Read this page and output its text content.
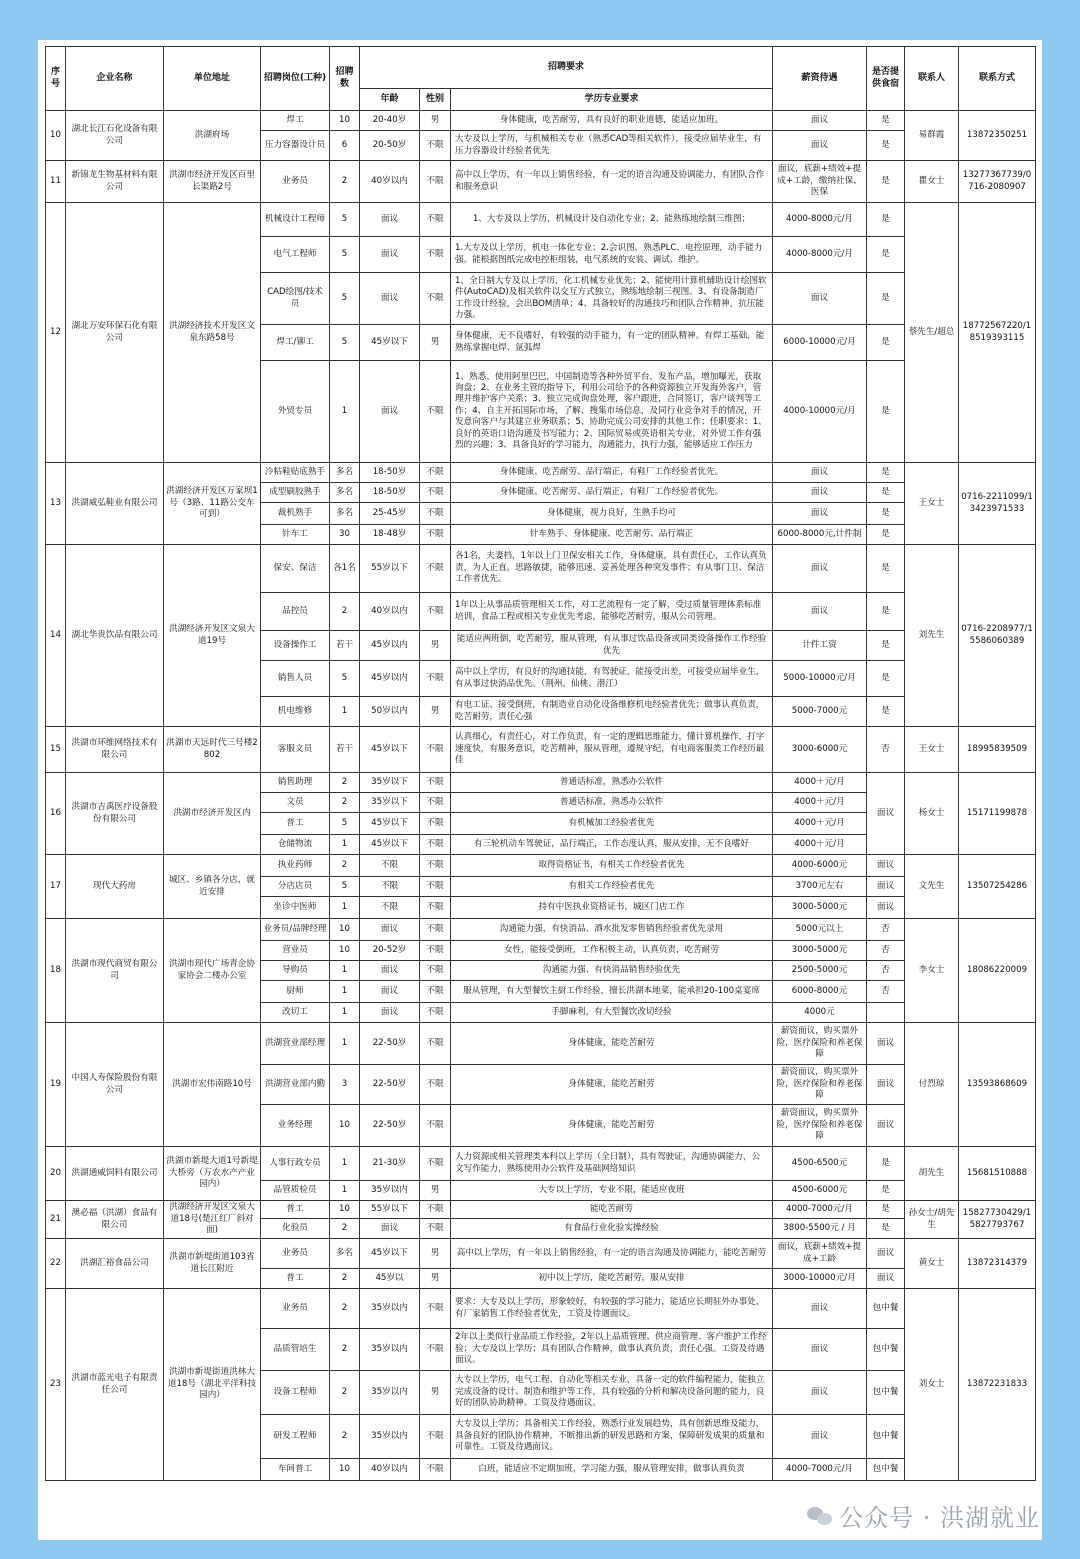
序号	企业名称	单位地址	招聘岗位(工种)	招聘数	招聘要求			薪资待遇	是否提供食宿	联系人	联系方式
					年龄	性别	学历专业要求				
10	湖北长江石化设备有限公司	洪湖府场	焊工	10	20-40岁	男	身体健康，吃苦耐劳，具有良好的职业道德，能适应加班。	面议	是	易群霞	13872350251
			压力容器设计员	6	20-50岁	不限	大专及以上学历，与机械相关专业（熟悉CAD等相关软件），接受应届毕业生，有压力容器设计经验者优先	面议	是		
11	新锦龙生物基材料有限公司	洪湖市经济开发区百里长渠路2号	业务员	2	40岁以内	不限	高中以上学历，有一年以上销售经验，有一定的语言沟通及协调能力，有团队合作和服务意识	面议，底薪+绩效+提成+工龄，缴纳社保、医保	是	瞿女士	13277367739/0716-2080907
12	湖北万安环保石化有限公司	洪湖经济技术开发区文泉东路58号	机械设计工程师	5	面议	不限	1、大专及以上学历，机械设计及自动化专业；2、能熟练地绘制三维图；	4000-8000元/月	是	蔡先生/超总	18772567220/18519393115
			电气工程师	5	面议	不限	1.大专及以上学历，机电一体化专业；2.会识图，熟悉PLC、电控原理，动手能力强。能根据图纸完成电控柜组装，电气系统的安装、调试、维护。	4000-8000元/月	是		
			CAD绘图/技术员	5	面议	不限	1、全日制大专及以上学历，化工机械专业优先；2、能使用计算机辅助设计绘图软件(AutoCAD)及相关软件以交互方式独立，熟练地绘制三视图。3、有设备制造厂工作设计经验，会出BOM清单；4、具备较好的沟通技巧和团队合作精神，抗压能力强。	面议	是		
			焊工/铆工	5	45岁以下	男	身体健康，无不良嗜好，有较强的动手能力，有一定的团队精神。有焊工基础，能熟练掌握电焊、氩弧焊	6000-10000元/月	是		
			外贸专员	1	面议	不限	1、熟悉、使用阿里巴巴，中国制造等各种外贸平台，发布产品，增加曝光，获取询盘；2、在业务主管的指导下，利用公司给予的各种资源独立开发海外客户，管理并维护客户关系；3、独立完成询盘处理，客户跟进，合同签订，客户谈判等工作；4、自主开拓国际市场，了解、搜集市场信息，及同行业竞争对手的情况，开发意向客户与其建立业务联系；5、协助完成公司安排的其他工作；任职要求：1、良好的英语口语沟通及书写能力；2、国际贸易或英语相关专业，对外贸工作有强烈的兴趣；3、具备良好的学习能力，沟通能力，执行力强，能够适应工作压力	4000-10000元/月	是		
13	洪湖威弘鞋业有限公司	洪湖经济开发区万家坝1号（3路、11路公交车可到）	冷粘鞋贴底熟手	多名	18-50岁	不限	身体健康、吃苦耐劳、品行端正，有鞋厂工作经验者优先。	面议	是	王女士	0716-2211099/13423971533
			成型刷胶熟手	多名	18-50岁	不限	身体健康、吃苦耐劳、品行端正，有鞋厂工作经验者优先。	面议	是		
			裁机熟手	多名	25-45岁	不限	身体健康，视力良好，生熟手均可	面议	是		
			针车工	30	18-48岁	不限	针车熟手、身体健康、吃苦耐劳、品行端正	6000-8000元,计件制	是		
14	湖北华贵饮品有限公司	洪湖经济开发区文泉大道19号	保安、保洁	各1名	55岁以下	不限	各1名，夫妻档，1年以上门卫保安相关工作，身体健康，具有责任心，工作认真负责，为人正直，思路敏捷，能够迅速、妥善处理各种突发事件；有从事门卫、保洁工作者优先。	面议	是	刘先生	0716-2208977/15586060389
			品控员	2	40岁以内	不限	1年以上从事品质管理相关工作，对工艺流程有一定了解，受过质量管理体系标准培训，食品工程或相关专业优先考虑，能够吃苦耐劳，服从公司管理。	面议	是		
			设备操作工	若干	45岁以内	男	能适应两班倒，吃苦耐劳，服从管理，有从事过饮品设备或同类设备操作工作经验优先	计件工资	是		
			销售人员	5	45岁以内	不限	高中以上学历，有良好的沟通技能，有驾驶证，能接受出差，可接受应届毕业生，有从事过快消品优先。（荆州、仙桃、潜江）	5000-10000元/月	是		
			机电维修	1	50岁以内	男	有电工证、接受倒班，有制造业自动化设备维修机电经验者优先；做事认真负责，吃苦耐劳，责任心强	5000-7000元	是		
15	洪湖市环维网络技术有限公司	洪湖市天远时代三号楼2802	客服文员	若干	45岁以下	不限	认真细心，有责任心，对工作负责，有一定的逻辑思维能力，懂计算机操作，打字速度快，有服务意识，吃苦精神，服从管理，遵规守纪，有电商客服类工作经历最佳	3000-6000元	否	王女士	18995839509
16	洪湖市吉禹医疗设备股份有限公司	洪湖市经济开发区内	销售助理	2	35岁以下	不限	普通话标准，熟悉办公软件	4000＋元/月	面议	杨女士	15171199878
			文员	2	35岁以下	不限	普通话标准，熟悉办公软件	4000＋元/月			
			普工	5	45岁以下	不限	有机械加工经验者优先	4000＋元/月			
			仓储物流	1	45岁以下	不限	有三轮机动车驾驶证，品行端正，工作态度认真，服从安排，无不良嗜好	4000＋元/月			
17	现代大药房	城区、乡镇各分店，就近安排	执业药师	2	不限	不限	取得资格证书，有相关工作经验者优先	4000-6000元	面议	文先生	13507254286
			分店店员	5	不限	不限	有相关工作经验者优先	3700元左右	面议		
			坐诊中医师	1	不限	不限	持有中医执业资格证书，城区门店工作	3000-5000元	面议		
18	洪湖市现代商贸有限公司	洪湖市现代广场青企协家协会二楼办公室	业务员/品牌经理	10	面议	不限	沟通能力强，有快消品、酒水批发零售销售经验者优先录用	5000元以上	否	李女士	18086220009
			营业员	10	20-52岁	不限	女性，能接受倒班，工作积极主动，认真负责，吃苦耐劳	3000-5000元	否		
			导购员	1	面议	不限	沟通能力强、有快消品销售经验优先	2500-5000元	否		
			厨师	1	面议	不限	服从管理，有大型餐饮主厨工作经验，擅长洪湖本地菜，能承担20-100桌宴席	6000-8000元	否		
			改切工	1	面议	不限	手脚麻利，有大型餐饮改切经验	4000元			
19	中国人寿保险股份有限公司	洪湖市宏伟南路10号	洪湖营业部经理	1	22-50岁	不限	身体健康，能吃苦耐劳	薪资面议，购买票外险，医疗保险和养老保障	面议	付烈琼	13593868609
			洪湖营业部内勤	3	22-50岁	不限	身体健康，能吃苦耐劳	薪资面议，购买票外险，医疗保险和养老保障	面议		
			业务经理	10	22-50岁	不限	身体健康，能吃苦耐劳	薪资面议，购买票外险，医疗保险和养老保障	面议		
20	洪湖通威饲料有限公司	洪湖市新堤大道1号新堤大桥旁（万农水产产业园内）	人事行政专员	1	21-30岁	不限	人力资源或相关管理类本科以上学历（全日制），具有驾驶证，沟通协调能力，公文写作能力，熟练使用办公软件及基础网络知识	4500-6500元	是	胡先生	15681510888
			品管质检员	1	35岁以内	男	大专以上学历，专业不限，能适应夜班	4500-6000元	是		
21	澳必福（洪湖）食品有限公司	洪湖经济开发区文泉大道18号(楚江红厂斜对面)	普工	10	55岁以下	不限	能吃苦耐劳	4000-7000元/月	是	孙女士/胡先生	15827730429/15827793767
			化验员	2	面议	不限	有食品行业化验实操经验	3800-5500元 / 月	是		
22	洪湖汇裕食品公司	洪湖市新堤街道103省道长江附近	业务员	多名	45岁以下	男	高中以上学历，有一年以上销售经验，有一定的语言沟通及协调能力，能吃苦耐劳	面议，底薪+绩效+提成+工龄	面议	黄女士	13872314379
			普工	2	45岁以	男	初中以上学历，能吃苦耐劳，服从安排	3000-10000元/月	面议		
23	洪湖市蓝光电子有限责任公司	洪湖市新堤街道洪林大道18号（湖北平洋科技园内）	业务员	2	35岁以内	不限	要求：大专及以上学历，形象较好，有较强的学习能力，能适应长期驻外办事处，有厂家销售工作经验者优先，工资及待遇面议。	面议	包中餐	刘女士	13872231833
			品质管培生	2	35岁以内	不限	2年以上类似行业品质工作经验，2年以上品质管理、供应商管理、客户维护工作经验；大专及以上学历；具有团队合作精神，做事认真负责，责任心强。工资及待遇面议。	面议	包中餐		
			设备工程师	2	35岁以内	男	大专以上学历，电气工程、自动化等相关专业，具备一定的软件编程能力，能独立完成设备的设计、制造和维护等工作，具有较强的分析和解决设备问题的能力，良好的团队协助精神。工资及待遇面议。	面议	包中餐		
			研发工程师	2	35岁以内	不限	大专及以上学历；具备相关工作经验，熟悉行业发展趋势，具有创新思维及能力，具备良好的团队协作精神，不断推出新的研发思路和方案，保障研发成果的质量和可靠性。工资及待遇面议。	面议	包中餐		
			车间普工	10	40岁以内	不限	白班，能适应不定期加班，学习能力强，服从管理安排，做事认真负责	4000-7000元/月	包中餐		
公众号 · 洪湖就业
